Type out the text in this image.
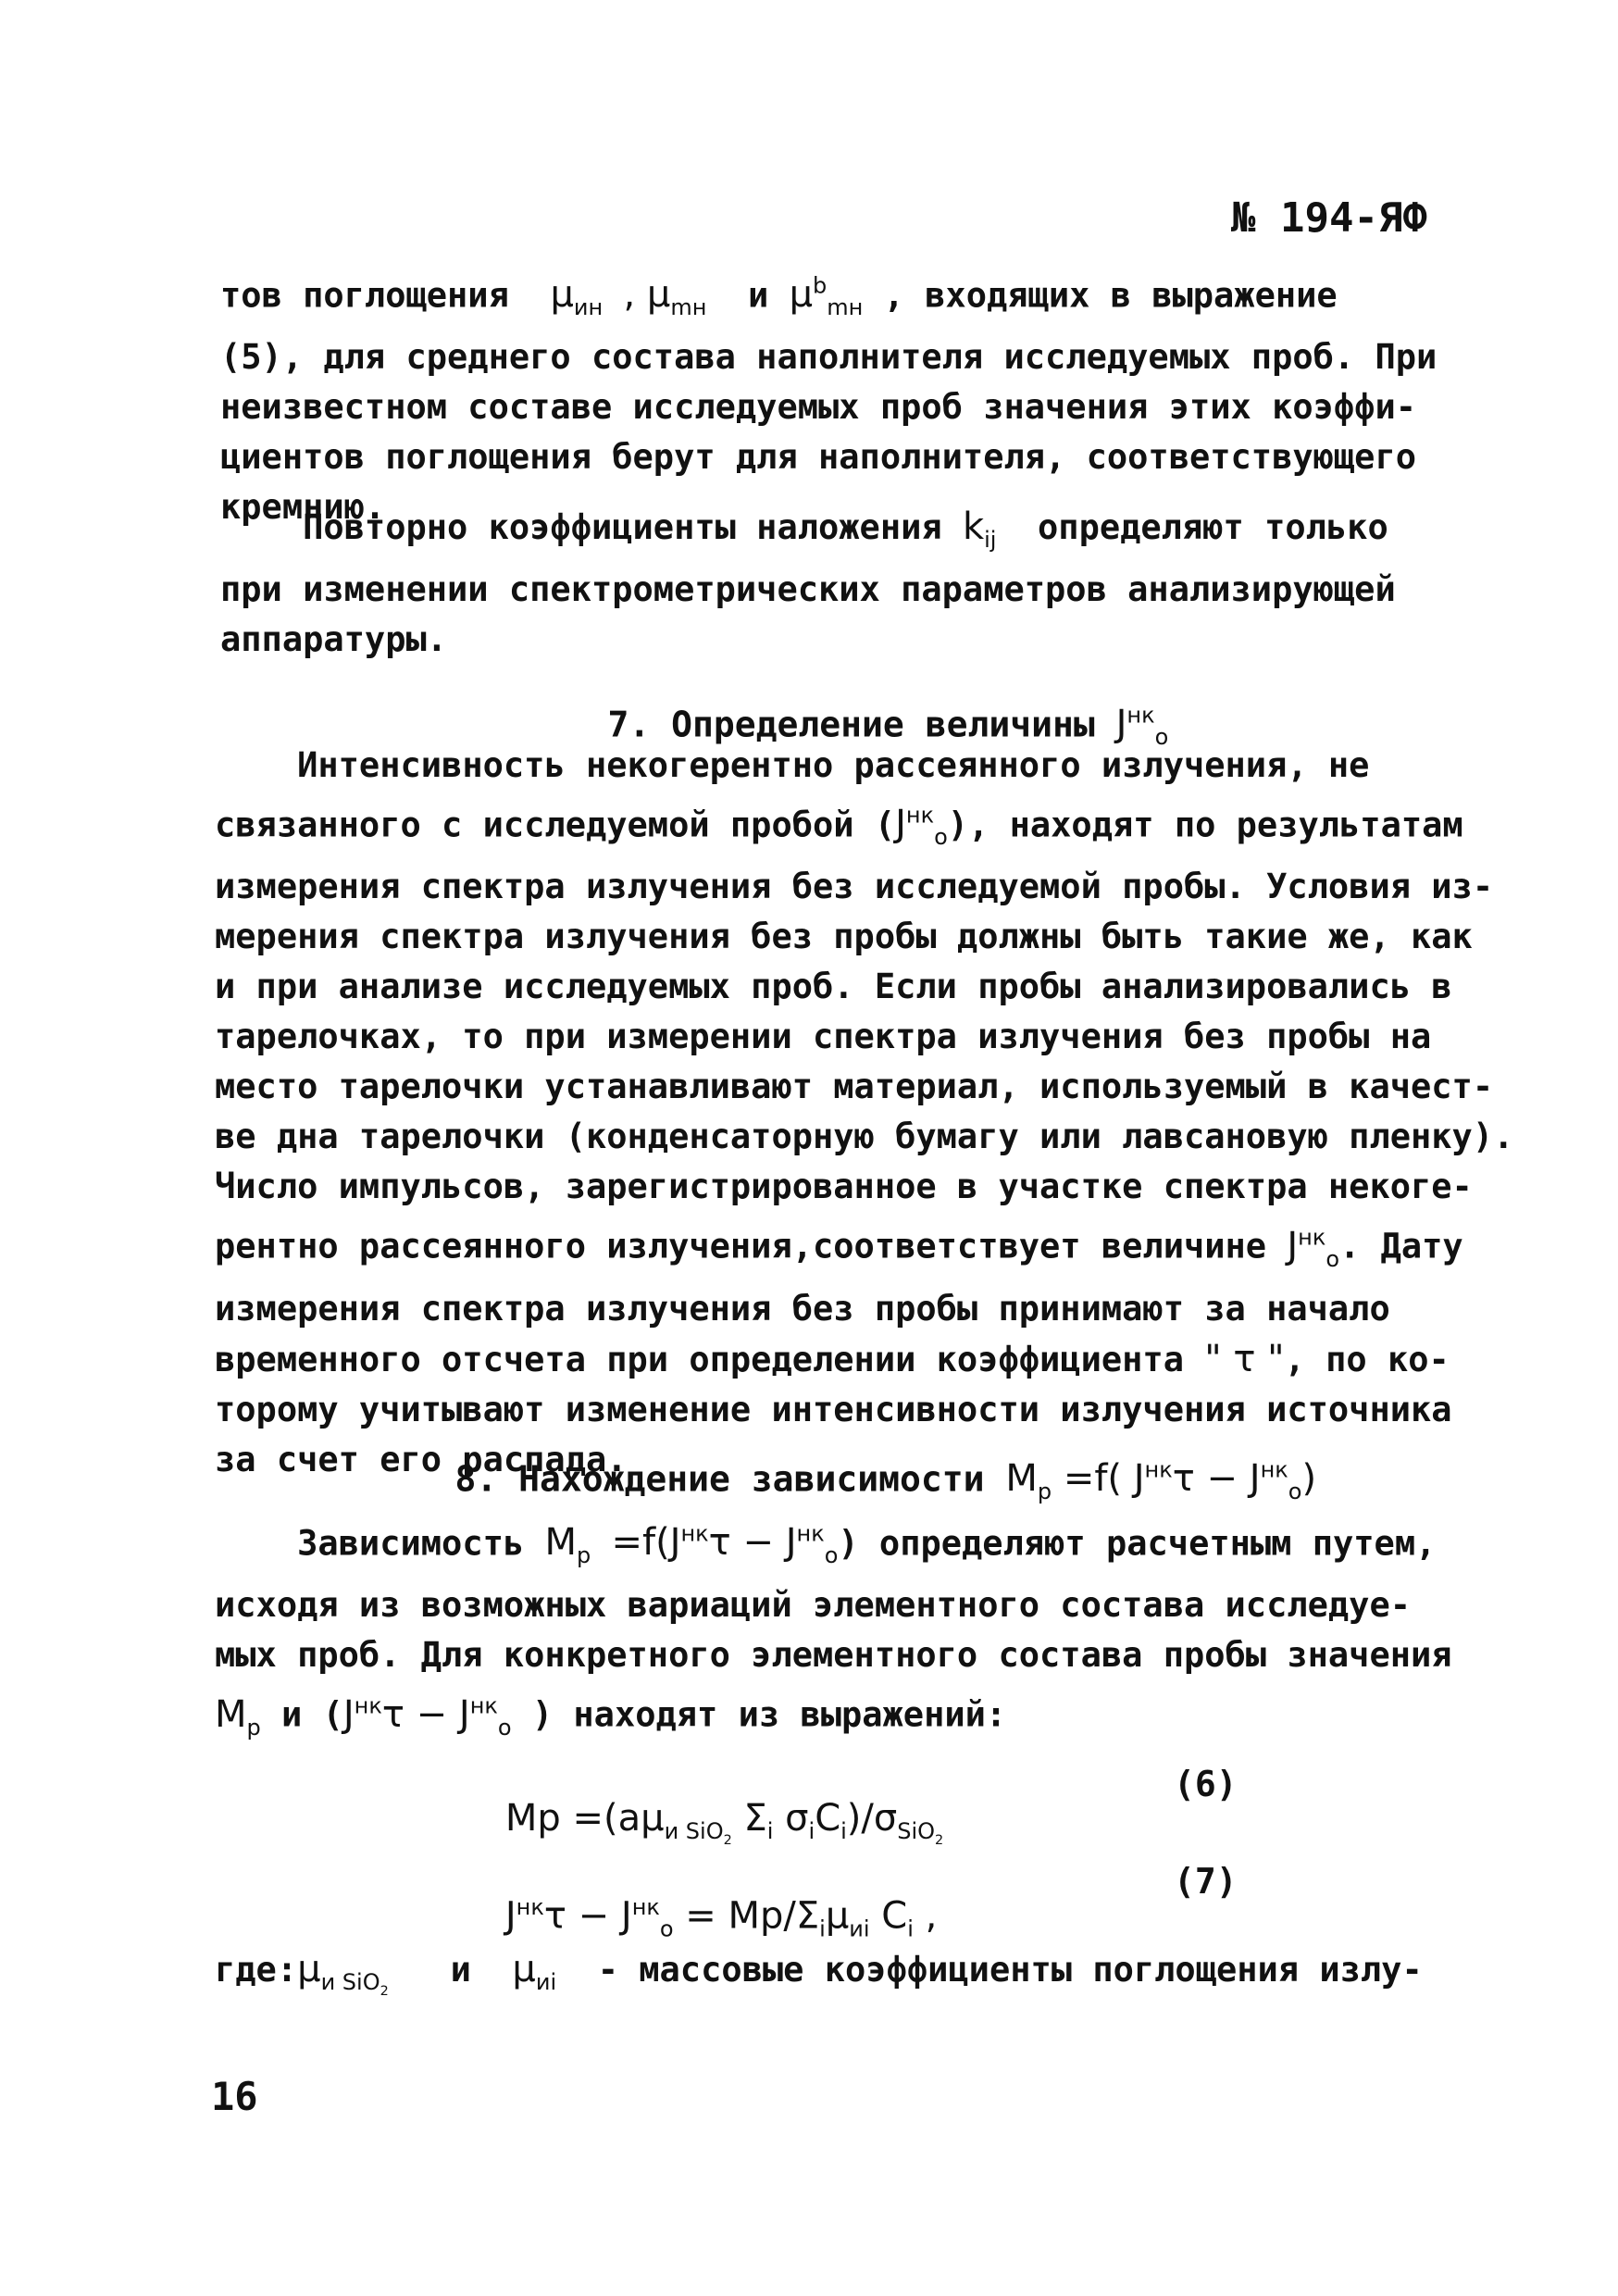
№ 194-ЯФ
тов поглощения $\mu_{ин}$ , $\mu_{mн}$ и $\mu^b_{mн}$ , входящих в выражение
(5), для среднего состава наполнителя исследуемых проб. При
неизвестном составе исследуемых проб значения этих коэффи-
циентов поглощения берут для наполнителя, соответствующего
кремнию.
Повторно коэффициенты наложения $k_{ij}$ определяют только
при изменении спектрометрических параметров анализирующей
аппаратуры.

7. Определение величины $J^{нк}_o$

Интенсивность некогерентно рассеянного излучения, не
связанного с исследуемой пробой $(J^{нк}_o)$, находят по результатам
измерения спектра излучения без исследуемой пробы. Условия из-
мерения спектра излучения без пробы должны быть такие же, как
и при анализе исследуемых проб. Если пробы анализировались в
тарелочках, то при измерении спектра излучения без пробы на
место тарелочки устанавливают материал, используемый в качест-
ве дна тарелочки (конденсаторную бумагу или лавсановую пленку).
Число импульсов, зарегистрированное в участке спектра некоге-
рентно рассеянного излучения,соответствует величине $J^{нк}_o$. Дату
измерения спектра излучения без пробы принимают за начало
временного отсчета при определении коэффициента " τ ", по ко-
торому учитывают изменение интенсивности излучения источника
за счет его распада.

8. Нахождение зависимости $M_p =f$( $J^{нк}\tau - J^{нк}_o$)

Зависимость $M_p =f(J^{нк}\tau - J^{нк}_o)$ определяют расчетным путем,
исходя из возможных вариаций элементного состава исследуе-
мых проб. Для конкретного элементного состава пробы значения
$M_p$ и ($J^{нк}\tau - J^{нк}_o$ ) находят из выражений:

$Mp =(a\mu_{и SiO_2}$ $\Sigma_i$ $\sigma_iC_i)/\sigma_{SiO_2}$

(6)

$J^{нк}\tau - J^{нк}_o = Mp/\Sigma_i\mu_{иi}$ $C_i$ ,

(7)
$где:\mu_{и SiO_2}$   и $\mu_{иi}$ - массовые коэффициенты поглощения излу-
16
